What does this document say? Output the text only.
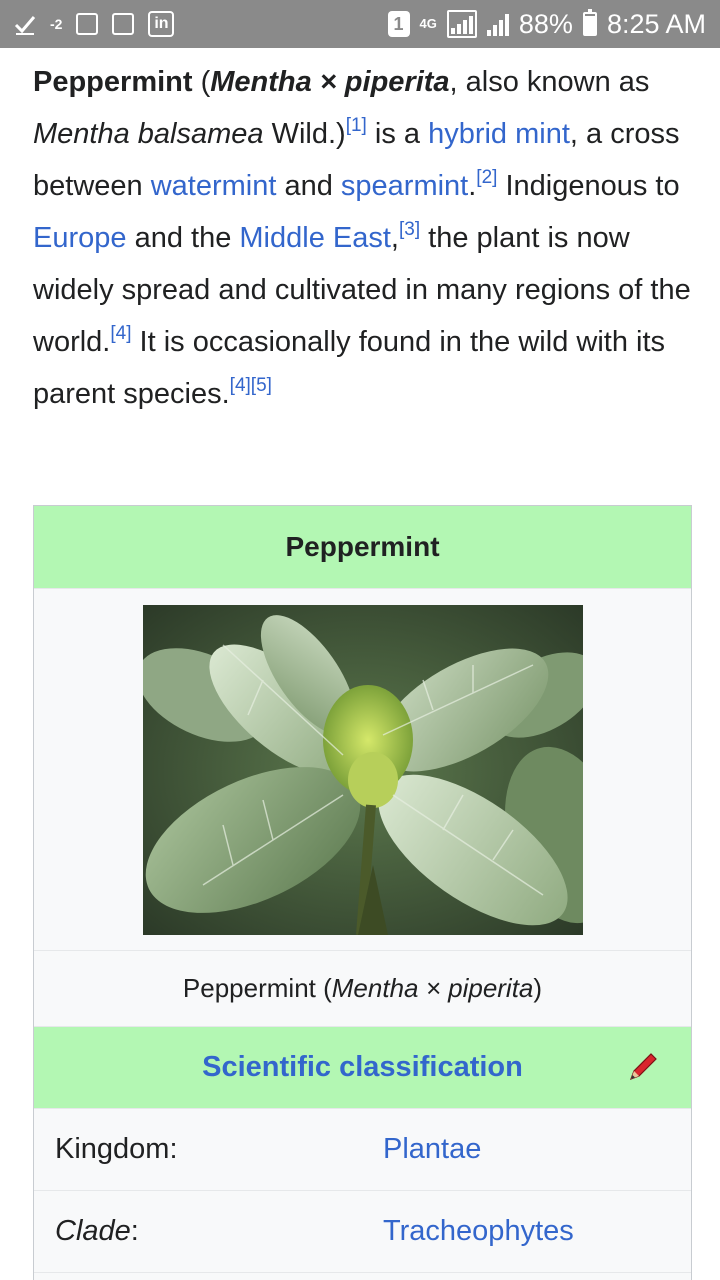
-2	in	1	4G	88% 8:25 AM
Peppermint (Mentha × piperita, also known as Mentha balsamea Wild.)[1] is a hybrid mint, a cross between watermint and spearmint.[2] Indigenous to Europe and the Middle East,[3] the plant is now widely spread and cultivated in many regions of the world.[4] It is occasionally found in the wild with its parent species.[4][5]
Peppermint
Peppermint ( Mentha × piperita )
Scientific classification
Kingdom:	Plantae
Clade:	Tracheophytes
